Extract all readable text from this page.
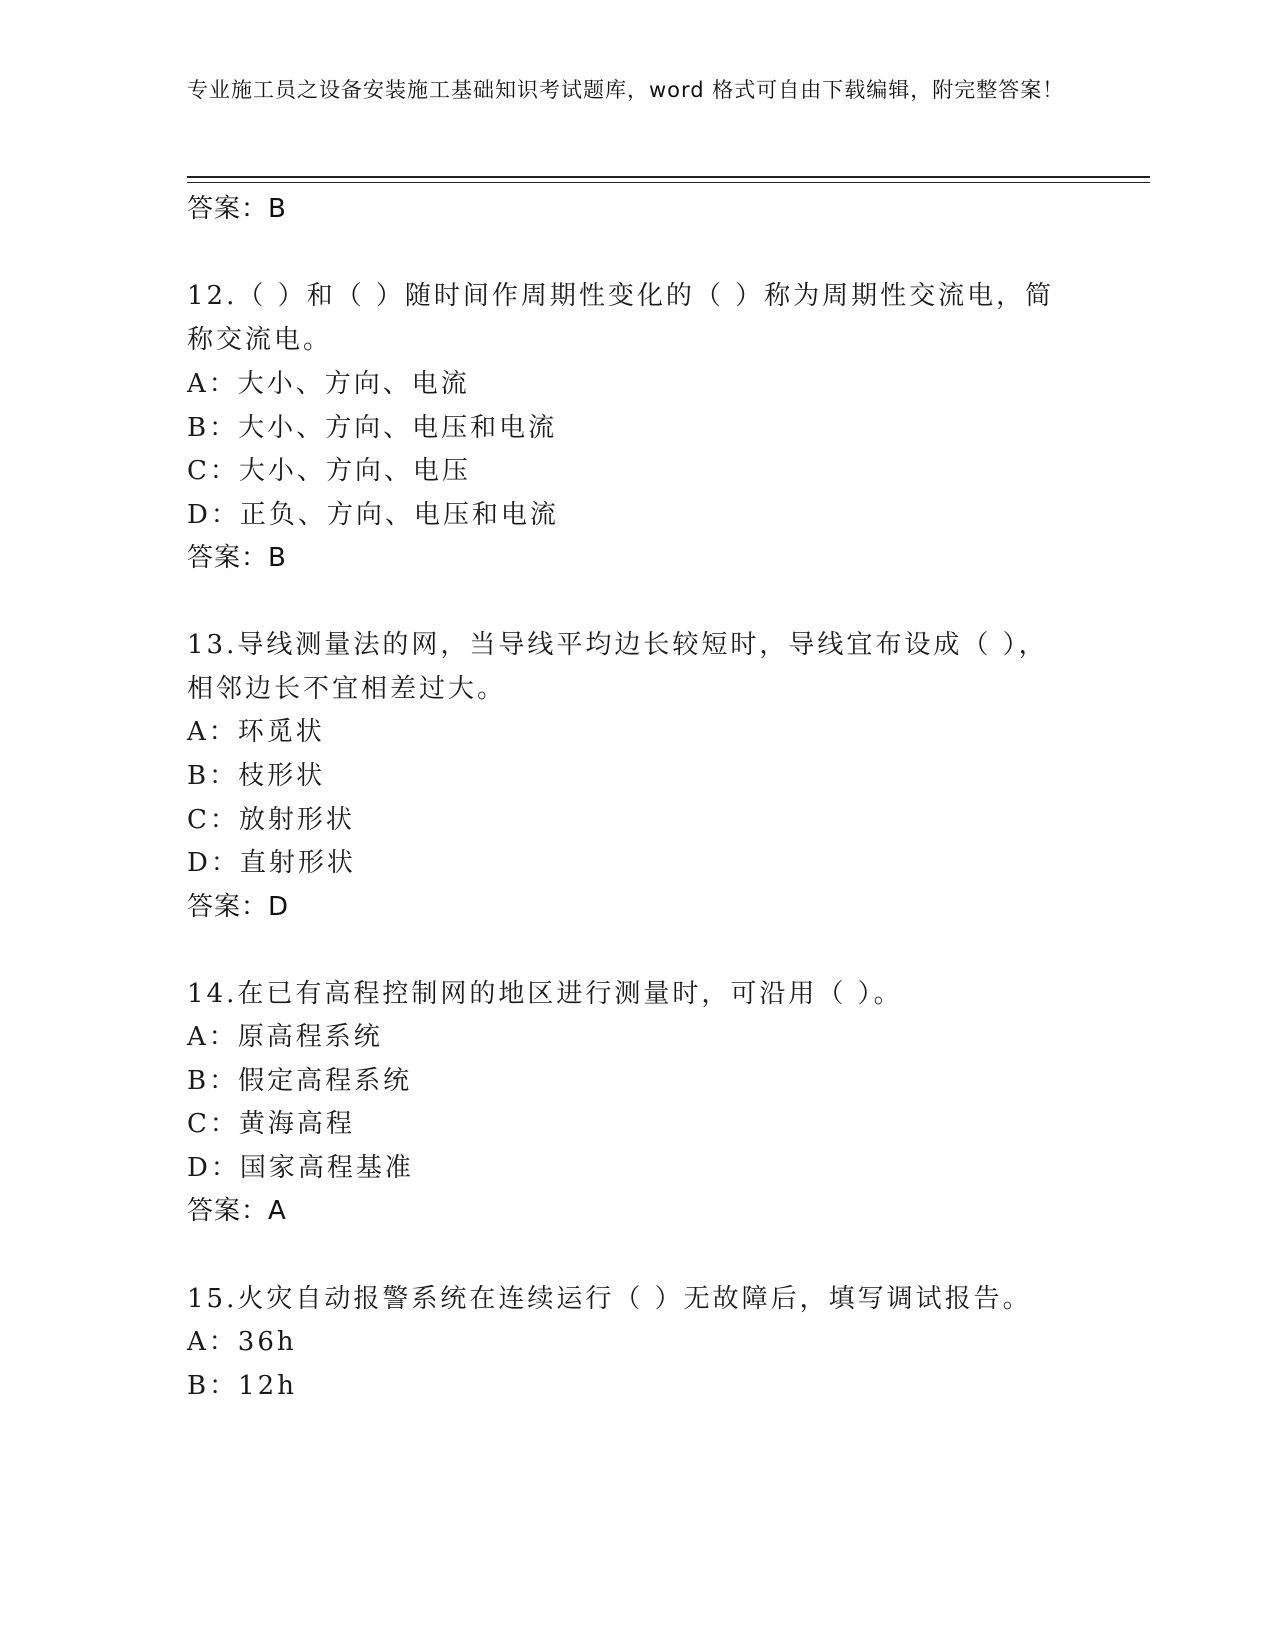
专业施工员之设备安装施工基础知识考试题库，word 格式可自由下载编辑，附完整答案！
答案：B
12.（ ）和（ ）随时间作周期性变化的（ ）称为周期性交流电，简
称交流电。
A：大小、方向、电流
B：大小、方向、电压和电流
C：大小、方向、电压
D：正负、方向、电压和电流
答案：B
13.导线测量法的网，当导线平均边长较短时，导线宜布设成（ ），
相邻边长不宜相差过大。
A：环觅状
B：枝形状
C：放射形状
D：直射形状
答案：D
14.在已有高程控制网的地区进行测量时，可沿用（ ）。
A：原高程系统
B：假定高程系统
C：黄海高程
D：国家高程基准
答案：A
15.火灾自动报警系统在连续运行（ ）无故障后，填写调试报告。
A：36h
B：12h
